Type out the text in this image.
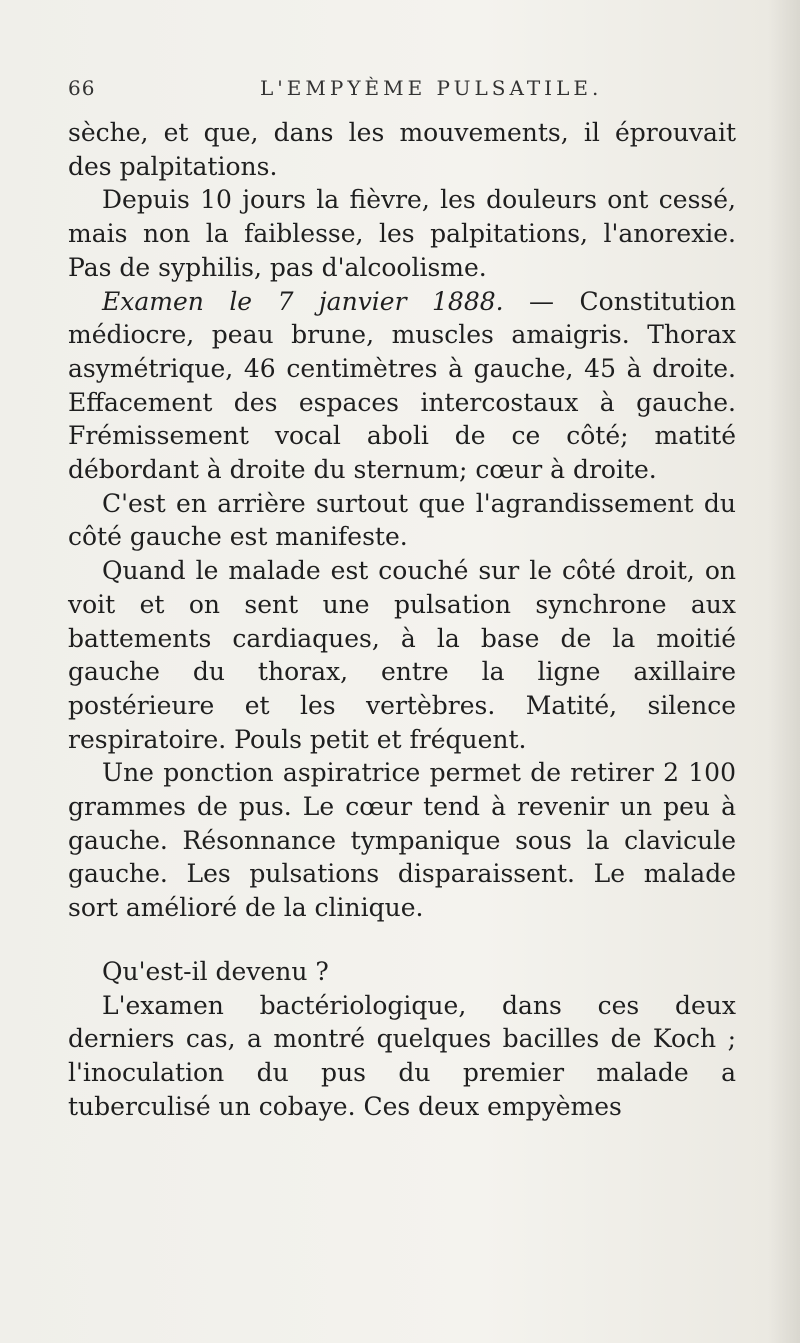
66	L'EMPYÈME PULSATILE.

sèche, et que, dans les mouvements, il éprouvait des palpitations.

Depuis 10 jours la fièvre, les douleurs ont cessé, mais non la faiblesse, les palpitations, l'anorexie. Pas de syphilis, pas d'alcoolisme.

Examen le 7 janvier 1888. — Constitution médiocre, peau brune, muscles amaigris. Thorax asymétrique, 46 centimètres à gauche, 45 à droite. Effacement des espaces intercostaux à gauche. Frémissement vocal aboli de ce côté; matité débordant à droite du sternum; cœur à droite.

C'est en arrière surtout que l'agrandissement du côté gauche est manifeste.

Quand le malade est couché sur le côté droit, on voit et on sent une pulsation synchrone aux battements cardiaques, à la base de la moitié gauche du thorax, entre la ligne axillaire postérieure et les vertèbres. Matité, silence respiratoire. Pouls petit et fréquent.

Une ponction aspiratrice permet de retirer 2 100 grammes de pus. Le cœur tend à revenir un peu à gauche. Résonnance tympanique sous la clavicule gauche. Les pulsations disparaissent. Le malade sort amélioré de la clinique.

Qu'est-il devenu ?

L'examen bactériologique, dans ces deux derniers cas, a montré quelques bacilles de Koch ; l'inoculation du pus du premier malade a tuberculisé un cobaye. Ces deux empyèmes
